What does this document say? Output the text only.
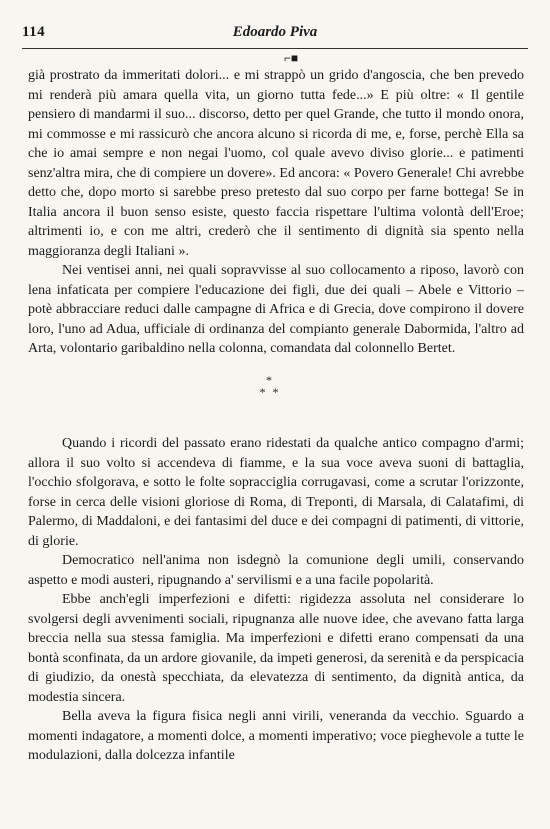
114	Edoardo Piva
⌐■

già prostrato da immeritati dolori... e mi strappò un grido d'angoscia, che ben prevedo mi renderà più amara quella vita, un giorno tutta fede...» E più oltre: « Il gentile pensiero di mandarmi il suo... discorso, detto per quel Grande, che tutto il mondo onora, mi commosse e mi rassicurò che ancora alcuno si ricorda di me, e, forse, perchè Ella sa che io amai sempre e non negai l'uomo, col quale avevo diviso glorie... e patimenti senz'altra mira, che di compiere un dovere». Ed ancora: « Povero Generale! Chi avrebbe detto che, dopo morto si sarebbe preso pretesto dal suo corpo per farne bottega! Se in Italia ancora il buon senso esiste, questo faccia rispettare l'ultima volontà dell'Eroe; altrimenti io, e con me altri, crederò che il sentimento di dignità sia spento nella maggioranza degli Italiani ».

Nei ventisei anni, nei quali sopravvisse al suo collocamento a riposo, lavorò con lena infaticata per compiere l'educazione dei figli, due dei quali – Abele e Vittorio – potè abbracciare reduci dalle campagne di Africa e di Grecia, dove compirono il dovere loro, l'uno ad Adua, ufficiale di ordinanza del compianto generale Dabormida, l'altro ad Arta, volontario garibaldino nella colonna, comandata dal colonnello Bertet.

*
* *

Quando i ricordi del passato erano ridestati da qualche antico compagno d'armi; allora il suo volto si accendeva di fiamme, e la sua voce aveva suoni di battaglia, l'occhio sfolgorava, e sotto le folte sopracciglia corrugavasi, come a scrutar l'orizzonte, forse in cerca delle visioni gloriose di Roma, di Treponti, di Marsala, di Calatafimi, di Palermo, di Maddaloni, e dei fantasimi del duce e dei compagni di patimenti, di vittorie, di glorie.

Democratico nell'anima non isdegnò la comunione degli umili, conservando aspetto e modi austeri, ripugnando a' servilismi e a una facile popolarità.

Ebbe anch'egli imperfezioni e difetti: rigidezza assoluta nel considerare lo svolgersi degli avvenimenti sociali, ripugnanza alle nuove idee, che avevano fatta larga breccia nella sua stessa famiglia. Ma imperfezioni e difetti erano compensati da una bontà sconfinata, da un ardore giovanile, da impeti generosi, da serenità e da perspicacia di giudizio, da onestà specchiata, da elevatezza di sentimento, da dignità antica, da modestia sincera.

Bella aveva la figura fisica negli anni virili, veneranda da vecchio. Sguardo a momenti indagatore, a momenti dolce, a momenti imperativo; voce pieghevole a tutte le modulazioni, dalla dolcezza infantile
